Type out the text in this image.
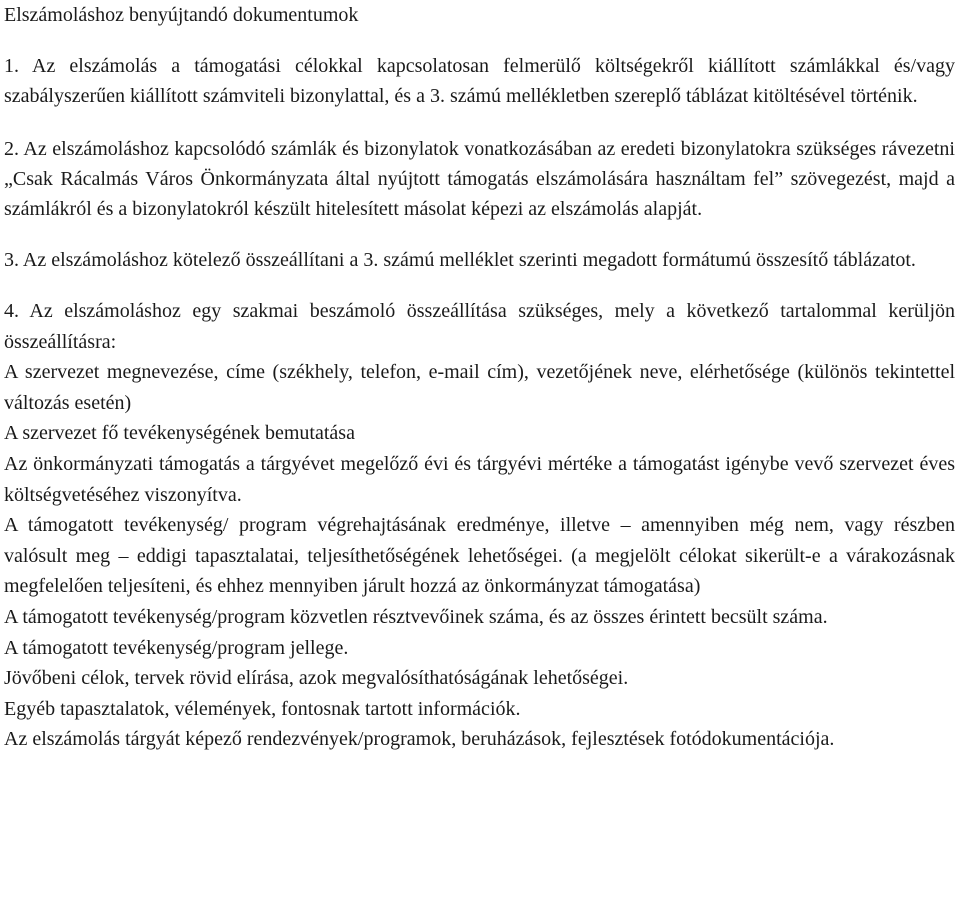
Elszámoláshoz benyújtandó dokumentumok

1. Az elszámolás a támogatási célokkal kapcsolatosan felmerülő költségekről kiállított számlákkal és/vagy szabályszerűen kiállított számviteli bizonylattal, és a 3. számú mellékletben szereplő táblázat kitöltésével történik.

2. Az elszámoláshoz kapcsolódó számlák és bizonylatok vonatkozásában az eredeti bizonylatokra szükséges rávezetni „Csak Rácalmás Város Önkormányzata által nyújtott támogatás elszámolására használtam fel” szövegezést, majd a számlákról és a bizonylatokról készült hitelesített másolat képezi az elszámolás alapját.

3. Az elszámoláshoz kötelező összeállítani a 3. számú melléklet szerinti megadott formátumú összesítő táblázatot.

4. Az elszámoláshoz egy szakmai beszámoló összeállítása szükséges, mely a következő tartalommal kerüljön összeállításra:

A szervezet megnevezése, címe (székhely, telefon, e-mail cím), vezetőjének neve, elérhetősége (különös tekintettel változás esetén)

A szervezet fő tevékenységének bemutatása

Az önkormányzati támogatás a tárgyévet megelőző évi és tárgyévi mértéke a támogatást igénybe vevő szervezet éves költségvetéséhez viszonyítva.

A támogatott tevékenység/ program végrehajtásának eredménye, illetve – amennyiben még nem, vagy részben valósult meg – eddigi tapasztalatai, teljesíthetőségének lehetőségei. (a megjelölt célokat sikerült-e a várakozásnak megfelelően teljesíteni, és ehhez mennyiben járult hozzá az önkormányzat támogatása)

A támogatott tevékenység/program közvetlen résztvevőinek száma, és az összes érintett becsült száma.

A támogatott tevékenység/program jellege.

Jövőbeni célok, tervek rövid elírása, azok megvalósíthatóságának lehetőségei.

Egyéb tapasztalatok, vélemények, fontosnak tartott információk.

Az elszámolás tárgyát képező rendezvények/programok, beruházások, fejlesztések fotódokumentációja.
